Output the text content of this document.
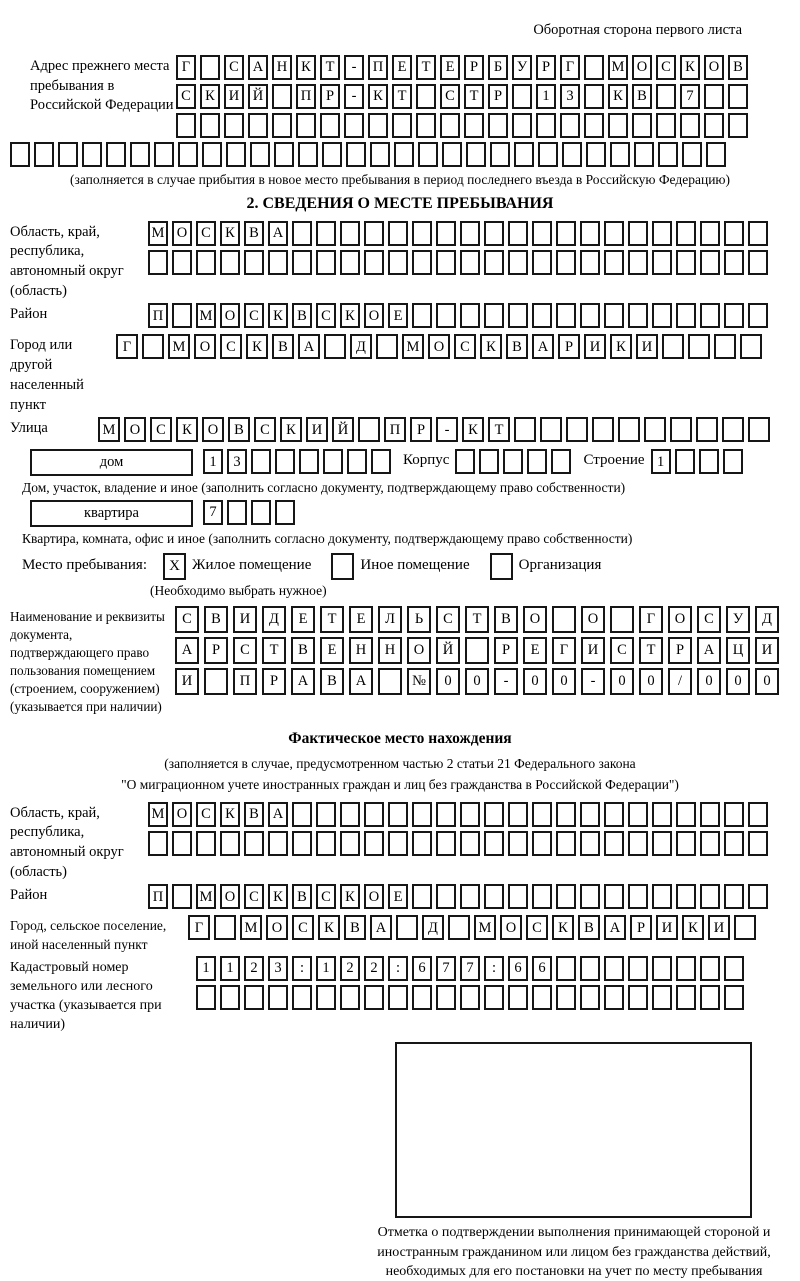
Оборотная сторона первого листа
Адрес прежнего места пребывания в Российской Федерации
Г	С А Н К	Т	-	П Е	Т	Е	Р	Б	У	Р	Г	М О С К О В
С К И Й	П	Р	-	К	Т	С	Т	Р	1	3	К В	7
(заполняется в случае прибытия в новое место пребывания в период последнего въезда в Российскую Федерацию)
2. СВЕДЕНИЯ О МЕСТЕ ПРЕБЫВАНИЯ
Область, край, республика, автономный округ (область)
М О С К В А
Район	П	М О С К В С К О Е
Город или другой населенный пункт
Г	М О	С	К	В	А	Д	М О	С	К	В	А	Р	И	К	И
Улица	М О	С	К	О	В	С	К	И	Й	П	Р	-	К	Т
дом	1	3	Корпус	Строение 1
Дом, участок, владение и иное (заполнить согласно документу, подтверждающему право собственности)
квартира	7
Квартира, комната, офис и иное (заполнить согласно документу, подтверждающему право собственности)
Место пребывания:	X Жилое помещение	Иное помещение	Организация
(Необходимо выбрать нужное)
Наименование и реквизиты документа, подтверждающего право пользования помещением (строением, сооружением) (указывается при наличии)
С	В	И	Д	Е	Т	Е	Л	Ь	С	Т	В	О	О	Г	О	С	У	Д
А	Р	С	Т	В	Е	Н	Н	О	Й	Р	Е	Г	И	С	Т	Р	А	Ц	И
И	П	Р	А	В	А	№	0	0	-	0	0	-	0	0	/	0	0	0
Фактическое место нахождения
(заполняется в случае, предусмотренном частью 2 статьи 21 Федерального закона
"О миграционном учете иностранных граждан и лиц без гражданства в Российской Федерации")
Область, край, республика, автономный округ (область)
М О С К В А
Район	П	М О С К В С К О Е
Город, сельское поселение, иной населенный пункт
Г	М О	С	К	В	А	Д	М О	С	К	В	А	Р	И	К	И
Кадастровый номер земельного или лесного участка (указывается при наличии)
1	1	2	3	:	1	2	2	:	6	7	7	:	6	6
Отметка о подтверждении выполнения принимающей стороной и иностранным гражданином или лицом без гражданства действий, необходимых для его постановки на учет по месту пребывания
